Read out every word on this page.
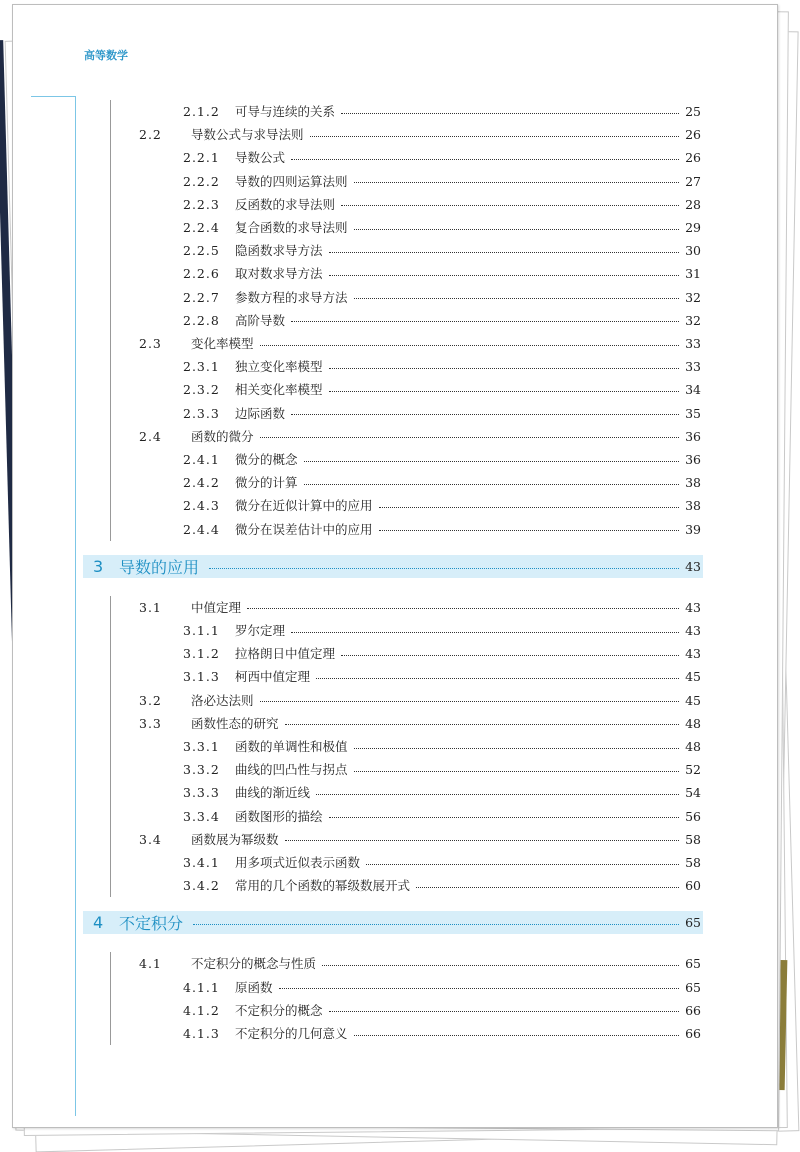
高等数学
2.1.2	可导与连续的关系	25
2.2	导数公式与求导法则	26
2.2.1	导数公式	26
2.2.2	导数的四则运算法则	27
2.2.3	反函数的求导法则	28
2.2.4	复合函数的求导法则	29
2.2.5	隐函数求导方法	30
2.2.6	取对数求导方法	31
2.2.7	参数方程的求导方法	32
2.2.8	高阶导数	32
2.3	变化率模型	33
2.3.1	独立变化率模型	33
2.3.2	相关变化率模型	34
2.3.3	边际函数	35
2.4	函数的微分	36
2.4.1	微分的概念	36
2.4.2	微分的计算	38
2.4.3	微分在近似计算中的应用	38
2.4.4	微分在误差估计中的应用	39
3 导数的应用	43
3.1	中值定理	43
3.1.1	罗尔定理	43
3.1.2	拉格朗日中值定理	43
3.1.3	柯西中值定理	45
3.2	洛必达法则	45
3.3	函数性态的研究	48
3.3.1	函数的单调性和极值	48
3.3.2	曲线的凹凸性与拐点	52
3.3.3	曲线的渐近线	54
3.3.4	函数图形的描绘	56
3.4	函数展为幂级数	58
3.4.1	用多项式近似表示函数	58
3.4.2	常用的几个函数的幂级数展开式	60
4 不定积分	65
4.1	不定积分的概念与性质	65
4.1.1	原函数	65
4.1.2	不定积分的概念	66
4.1.3	不定积分的几何意义	66
